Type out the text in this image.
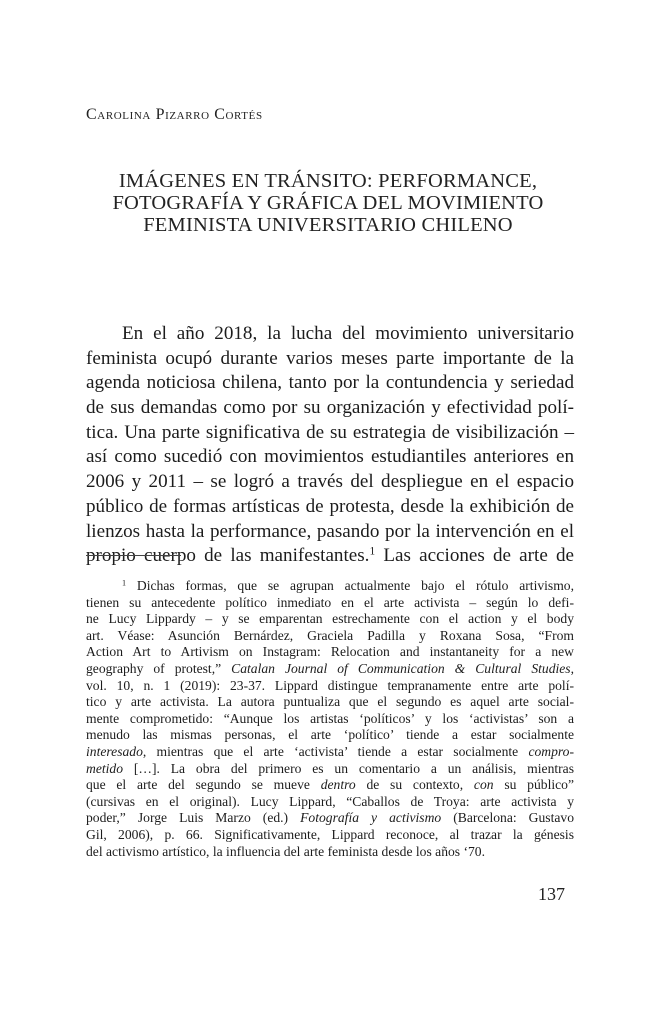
Carolina Pizarro Cortés
IMÁGENES EN TRÁNSITO: PERFORMANCE,
FOTOGRAFÍA Y GRÁFICA DEL MOVIMIENTO
FEMINISTA UNIVERSITARIO CHILENO
En el año 2018, la lucha del movimiento universitario
feminista ocupó durante varios meses parte importante de la
agenda noticiosa chilena, tanto por la contundencia y seriedad
de sus demandas como por su organización y efectividad polí-
tica. Una parte significativa de su estrategia de visibilización –
así como sucedió con movimientos estudiantiles anteriores en
2006 y 2011 – se logró a través del despliegue en el espacio
público de formas artísticas de protesta, desde la exhibición de
lienzos hasta la performance, pasando por la intervención en el
propio cuerpo de las manifestantes.$^1$ Las acciones de arte de
$^1$ Dichas formas, que se agrupan actualmente bajo el rótulo artivismo,
tienen su antecedente político inmediato en el arte activista – según lo defi-
ne Lucy Lippardy – y se emparentan estrechamente con el action y el body
art. Véase: Asunción Bernárdez, Graciela Padilla y Roxana Sosa, “From
Action Art to Artivism on Instagram: Relocation and instantaneity for a new
geography of protest,” Catalan Journal of Communication & Cultural Studies,
vol. 10, n. 1 (2019): 23-37. Lippard distingue tempranamente entre arte polí-
tico y arte activista. La autora puntualiza que el segundo es aquel arte social-
mente comprometido: “Aunque los artistas ‘políticos’ y los ‘activistas’ son a
menudo las mismas personas, el arte ‘político’ tiende a estar socialmente
interesado, mientras que el arte ‘activista’ tiende a estar socialmente compro-
metido […]. La obra del primero es un comentario a un análisis, mientras
que el arte del segundo se mueve dentro de su contexto, con su público”
(cursivas en el original). Lucy Lippard, “Caballos de Troya: arte activista y
poder,” Jorge Luis Marzo (ed.) Fotografía y activismo (Barcelona: Gustavo
Gil, 2006), p. 66. Significativamente, Lippard reconoce, al trazar la génesis
del activismo artístico, la influencia del arte feminista desde los años ‘70.
137
